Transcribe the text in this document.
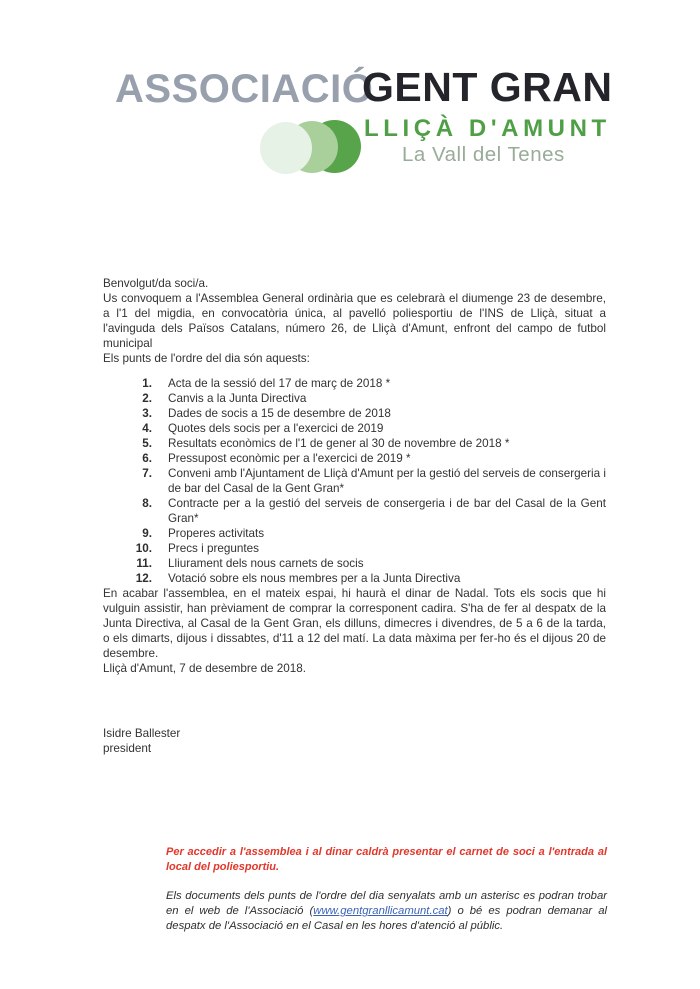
ASSOCIACIÓ
GENT GRAN
LLIÇÀ D'AMUNT
La Vall del Tenes

Benvolgut/da soci/a.

Us convoquem a l'Assemblea General ordinària que es celebrarà el diumenge 23 de desembre, a l'1 del migdia, en convocatòria única, al pavelló poliesportiu de l'INS de Lliçà, situat a l'avinguda dels Països Catalans, número 26, de Lliçà d'Amunt, enfront del campo de futbol municipal

Els punts de l'ordre del dia són aquests:

1.	Acta de la sessió del 17 de març de 2018 *
2.	Canvis a la Junta Directiva
3.	Dades de socis a 15 de desembre de 2018
4.	Quotes dels socis per a l'exercici de 2019
5.	Resultats econòmics de l'1 de gener al 30 de novembre de 2018 *
6.	Pressupost econòmic per a l'exercici de 2019 *
7.	Conveni amb l'Ajuntament de Lliçà d'Amunt per la gestió del serveis de consergeria i de bar del Casal de la Gent Gran*
8.	Contracte per a la gestió del serveis de consergeria i de bar del Casal de la Gent Gran*
9.	Properes activitats
10.	Precs i preguntes
11.	Lliurament dels nous carnets de socis
12.	Votació sobre els nous membres per a la Junta Directiva

En acabar l'assemblea, en el mateix espai, hi haurà el dinar de Nadal. Tots els socis que hi vulguin assistir, han prèviament de comprar la corresponent cadira. S'ha de fer al despatx de la Junta Directiva, al Casal de la Gent Gran, els dilluns, dimecres i divendres, de 5 a 6 de la tarda, o els dimarts, dijous i dissabtes, d'11 a 12 del matí. La data màxima per fer-ho és el dijous 20 de desembre.

Lliçà d'Amunt, 7 de desembre de 2018.

Isidre Ballester
president

Per accedir a l'assemblea i al dinar caldrà presentar el carnet de soci a l'entrada al local del poliesportiu.

Els documents dels punts de l'ordre del dia senyalats amb un asterisc es podran trobar en el web de l'Associació (www.gentgranllicamunt.cat) o bé es podran demanar al despatx de l'Associació en el Casal en les hores d'atenció al públic.
